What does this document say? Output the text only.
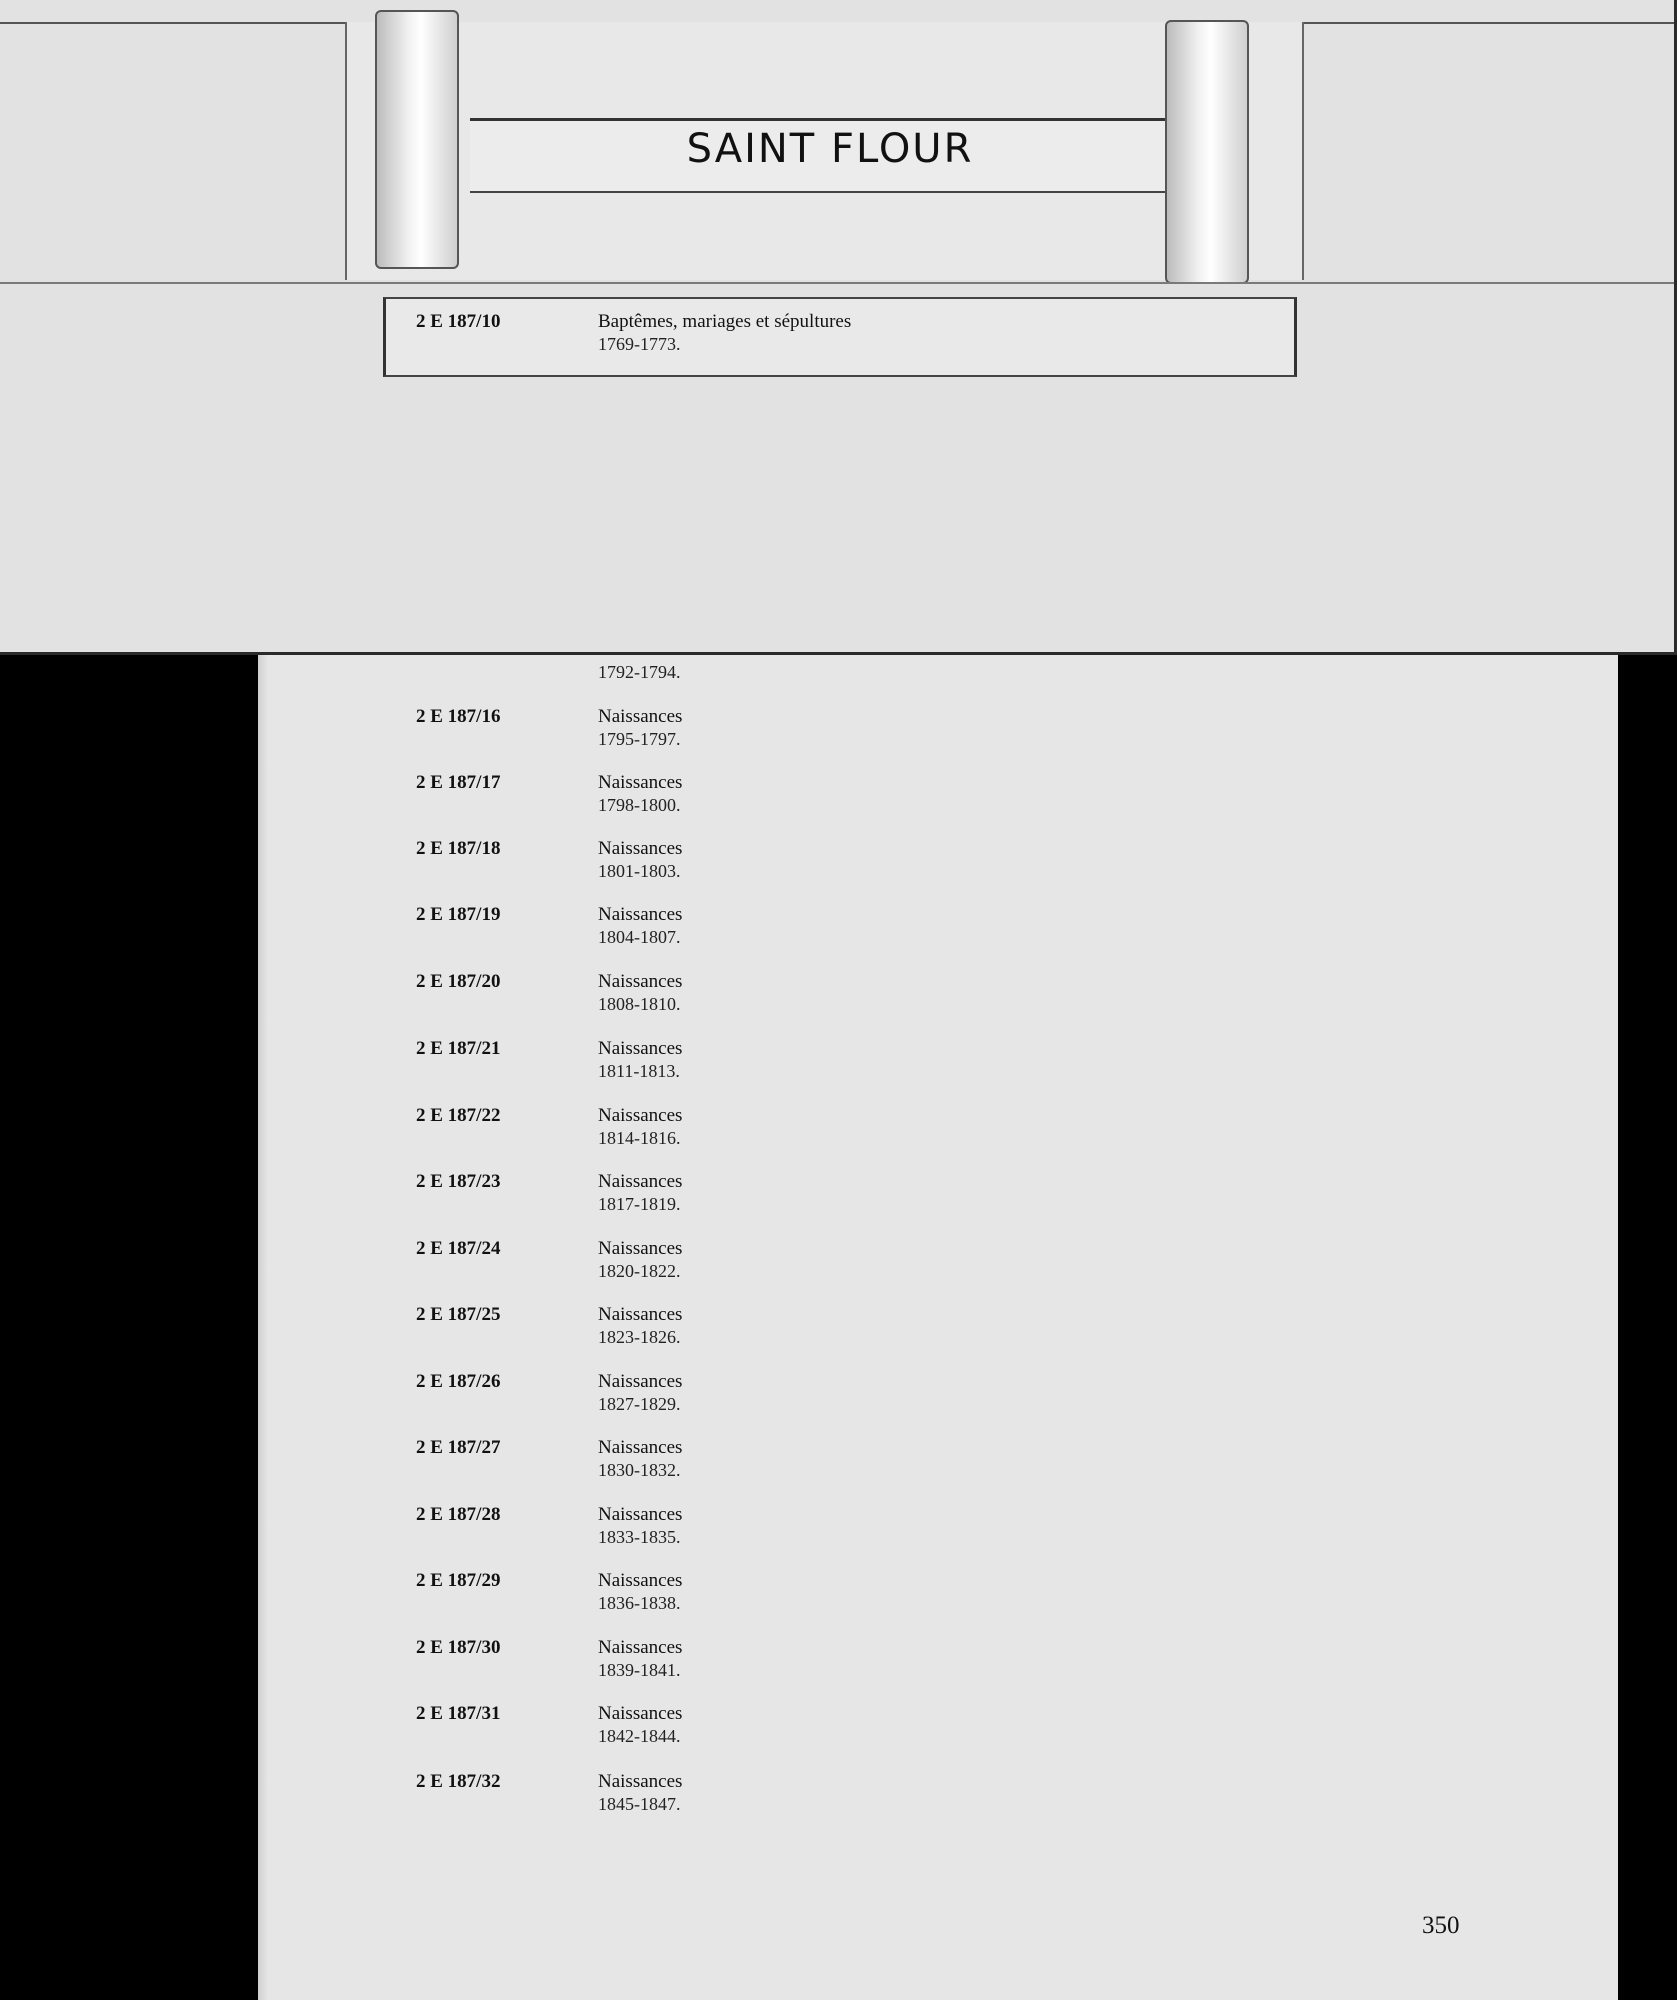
1792-1794.
2 E 187/16	Naissances
1795-1797.
2 E 187/17	Naissances
1798-1800.
2 E 187/18	Naissances
1801-1803.
2 E 187/19	Naissances
1804-1807.
2 E 187/20	Naissances
1808-1810.
2 E 187/21	Naissances
1811-1813.
2 E 187/22	Naissances
1814-1816.
2 E 187/23	Naissances
1817-1819.
2 E 187/24	Naissances
1820-1822.
2 E 187/25	Naissances
1823-1826.
2 E 187/26	Naissances
1827-1829.
2 E 187/27	Naissances
1830-1832.
2 E 187/28	Naissances
1833-1835.
2 E 187/29	Naissances
1836-1838.
2 E 187/30	Naissances
1839-1841.
2 E 187/31	Naissances
1842-1844.
2 E 187/32	Naissances
1845-1847.
350
SAINT FLOUR
2 E 187/10	Baptêmes, mariages et sépultures
1769-1773.
